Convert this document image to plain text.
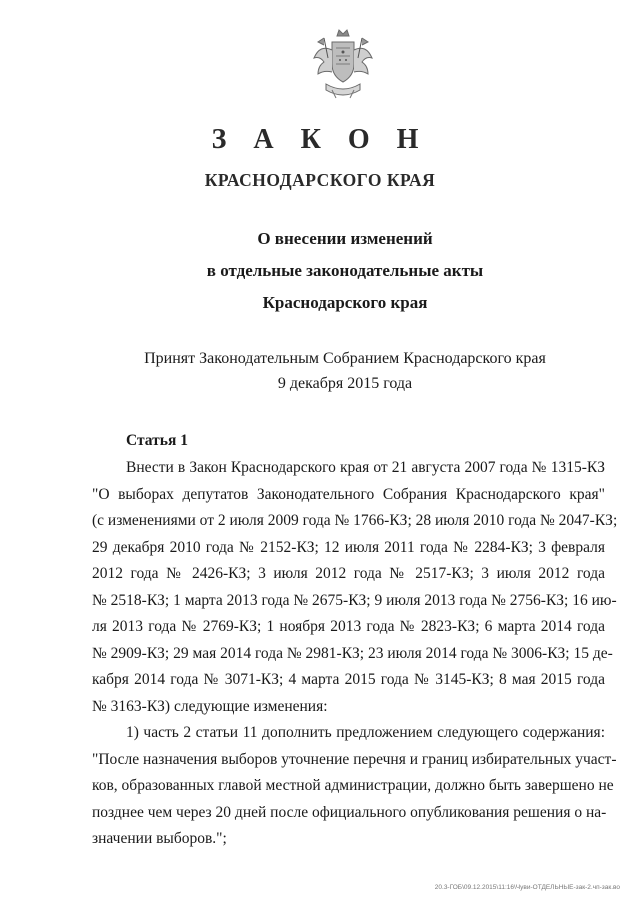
З А К О Н
КРАСНОДАРСКОГО КРАЯ
О внесении изменений
в отдельные законодательные акты
Краснодарского края
Принят Законодательным Собранием Краснодарского края
9 декабря 2015 года
Статья 1
Внести в Закон Краснодарского края от 21 августа 2007 года № 1315-КЗ
"О выборах депутатов Законодательного Собрания Краснодарского края"
(с изменениями от 2 июля 2009 года № 1766-КЗ; 28 июля 2010 года № 2047-КЗ;
29 декабря 2010 года № 2152-КЗ; 12 июля 2011 года № 2284-КЗ; 3 февраля
2012 года № 2426-КЗ; 3 июля 2012 года № 2517-КЗ; 3 июля 2012 года
№ 2518-КЗ; 1 марта 2013 года № 2675-КЗ; 9 июля 2013 года № 2756-КЗ; 16 ию-
ля 2013 года № 2769-КЗ; 1 ноября 2013 года № 2823-КЗ; 6 марта 2014 года
№ 2909-КЗ; 29 мая 2014 года № 2981-КЗ; 23 июля 2014 года № 3006-КЗ; 15 де-
кабря 2014 года № 3071-КЗ; 4 марта 2015 года № 3145-КЗ; 8 мая 2015 года
№ 3163-КЗ) следующие изменения:
1) часть 2 статьи 11 дополнить предложением следующего содержания:
"После назначения выборов уточнение перечня и границ избирательных участ-
ков, образованных главой местной администрации, должно быть завершено не
позднее чем через 20 дней после официального опубликования решения о на-
значении выборов.";
20.3-ГОБ\09.12.2015\11:16\Чуви-ОТДЕЛЬНЫЕ-зак-2.чп-зак.во
